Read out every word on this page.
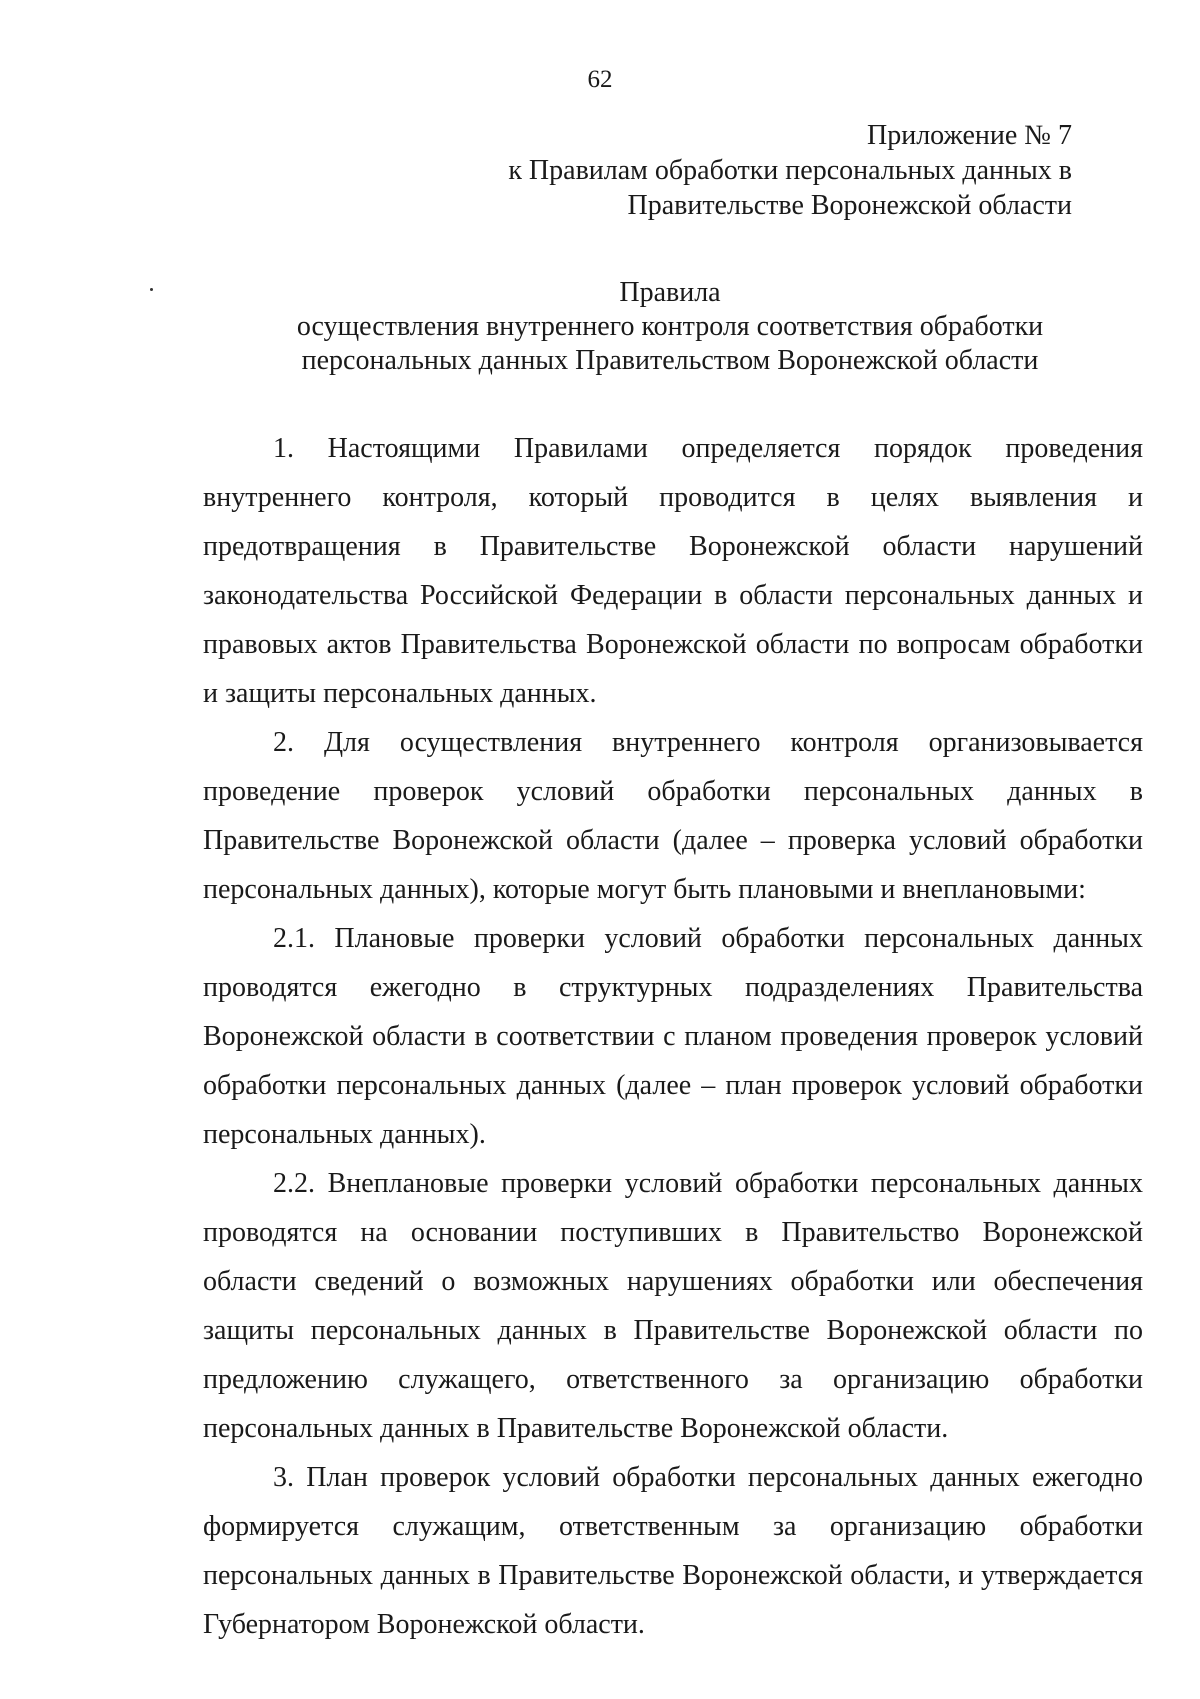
62
Приложение № 7
к Правилам обработки персональных данных в
Правительстве Воронежской области
Правила
осуществления внутреннего контроля соответствия обработки
персональных данных Правительством Воронежской области

1. Настоящими Правилами определяется порядок проведения внутреннего контроля, который проводится в целях выявления и предотвращения в Правительстве Воронежской области нарушений законодательства Российской Федерации в области персональных данных и правовых актов Правительства Воронежской области по вопросам обработки и защиты персональных данных.

2. Для осуществления внутреннего контроля организовывается проведение проверок условий обработки персональных данных в Правительстве Воронежской области (далее – проверка условий обработки персональных данных), которые могут быть плановыми и внеплановыми:

2.1. Плановые проверки условий обработки персональных данных проводятся ежегодно в структурных подразделениях Правительства Воронежской области в соответствии с планом проведения проверок условий обработки персональных данных (далее – план проверок условий обработки персональных данных).

2.2. Внеплановые проверки условий обработки персональных данных проводятся на основании поступивших в Правительство Воронежской области сведений о возможных нарушениях обработки или обеспечения защиты персональных данных в Правительстве Воронежской области по предложению служащего, ответственного за организацию обработки персональных данных в Правительстве Воронежской области.

3. План проверок условий обработки персональных данных ежегодно формируется служащим, ответственным за организацию обработки персональных данных в Правительстве Воронежской области, и утверждается Губернатором Воронежской области.
